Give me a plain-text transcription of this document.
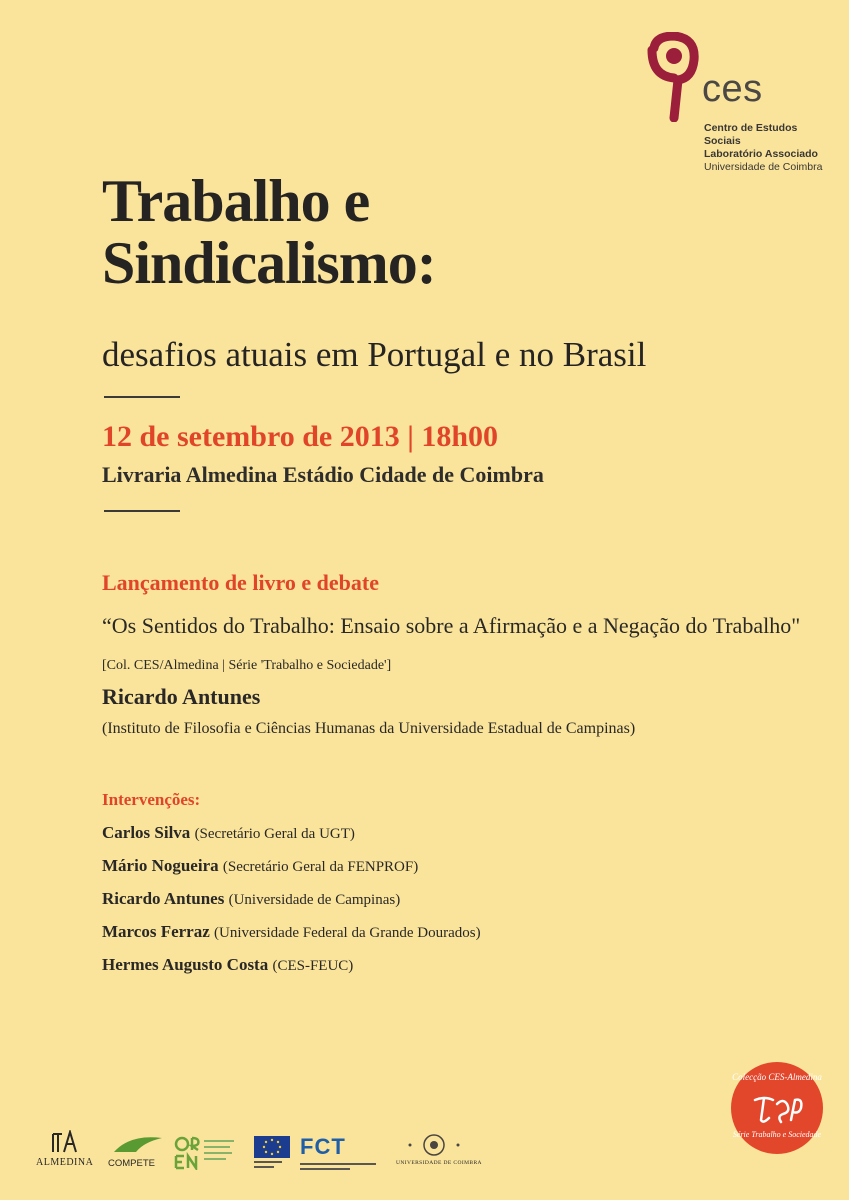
ces
Centro de Estudos Sociais
Laboratório Associado
Universidade de Coimbra
Trabalho e
Sindicalismo:
desafios atuais em Portugal e no Brasil
12 de setembro de 2013 | 18h00
Livraria Almedina Estádio Cidade de Coimbra
Lançamento de livro e debate
“Os Sentidos do Trabalho: Ensaio sobre a Afirmação e a Negação do Trabalho" [Col. CES/Almedina | Série 'Trabalho e Sociedade']
Ricardo Antunes
(Instituto de Filosofia e Ciências Humanas da Universidade Estadual de Campinas)
Intervenções:
Carlos Silva (Secretário Geral da UGT)
Mário Nogueira (Secretário Geral da FENPROF)
Ricardo Antunes (Universidade de Campinas)
Marcos Ferraz (Universidade Federal da Grande Dourados)
Hermes Augusto Costa (CES-FEUC)
Colecção CES-Almedina
Série Trabalho e Sociedade
ALMEDINA COMPETE
FCT
UNIVERSIDADE DE COIMBRA
